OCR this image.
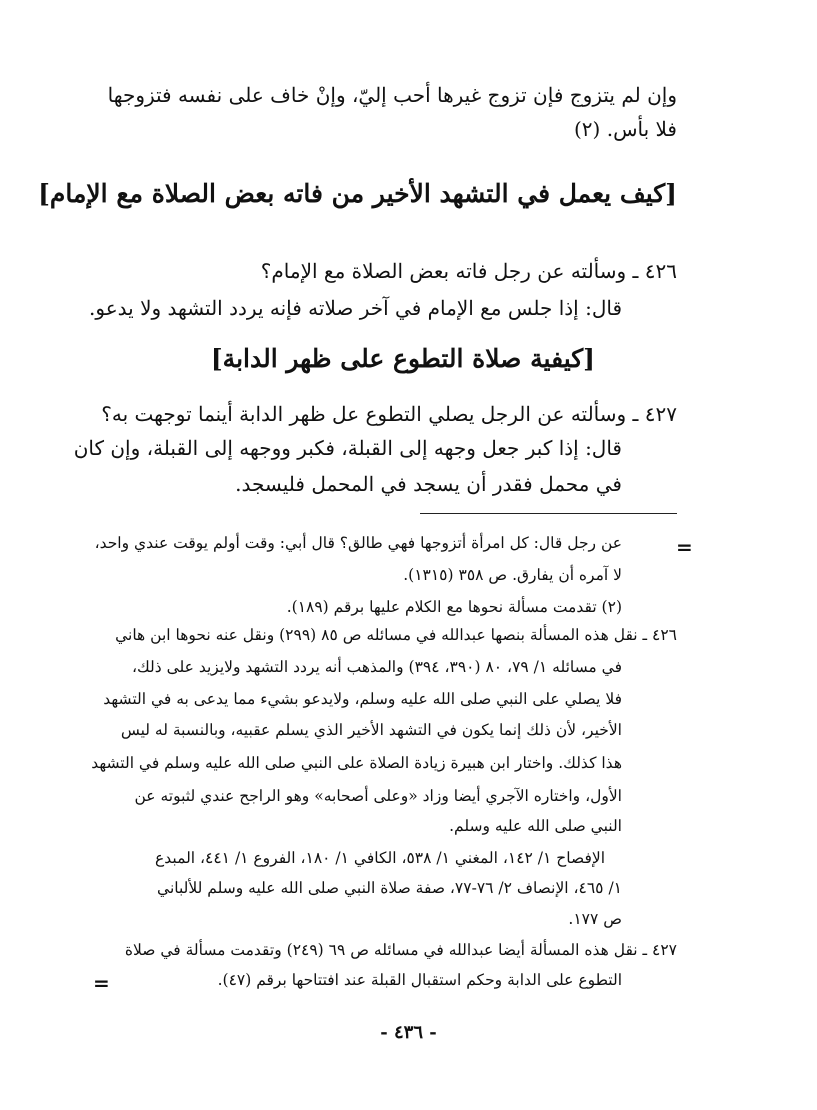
وإن لم يتزوج فإن تزوج غيرها أحب إليّ، وإنْ خاف على نفسه فتزوجها
فلا بأس. (٢)
[كيف يعمل في التشهد الأخير من فاته بعض الصلاة مع الإمام]
٤٢٦ ـ وسألته عن رجل فاته بعض الصلاة مع الإمام؟
قال: إذا جلس مع الإمام في آخر صلاته فإنه يردد التشهد ولا يدعو.
[كيفية صلاة التطوع على ظهر الدابة]
٤٢٧ ـ وسألته عن الرجل يصلي التطوع عل ظهر الدابة أينما توجهت به؟
قال: إذا كبر جعل وجهه إلى القبلة، فكبر ووجهه إلى القبلة، وإن كان
في محمل فقدر أن يسجد في المحمل فليسجد.
=
عن رجل قال: كل امرأة أتزوجها فهي طالق؟ قال أبي: وقت أولم يوقت عندي واحد،
لا آمره أن يفارق. ص ٣٥٨ (١٣١٥).
(٢) تقدمت مسألة نحوها مع الكلام عليها برقم (١٨٩).
٤٢٦ ـ نقل هذه المسألة بنصها عبدالله في مسائله ص ٨٥ (٢٩٩) ونقل عنه نحوها ابن هاني
في مسائله ١/ ٧٩، ٨٠ (٣٩٠، ٣٩٤) والمذهب أنه يردد التشهد ولايزيد على ذلك،
فلا يصلي على النبي صلى الله عليه وسلم، ولايدعو بشيء مما يدعى به في التشهد
الأخير، لأن ذلك إنما يكون في التشهد الأخير الذي يسلم عقبيه، وبالنسبة له ليس
هذا كذلك. واختار ابن هبيرة زيادة الصلاة على النبي صلى الله عليه وسلم في التشهد
الأول، واختاره الآجري أيضا وزاد «وعلى أصحابه» وهو الراجح عندي لثبوته عن
النبي صلى الله عليه وسلم.
الإفصاح ١/ ١٤٢، المغني ١/ ٥٣٨، الكافي ١/ ١٨٠، الفروع ١/ ٤٤١، المبدع
١/ ٤٦٥، الإنصاف ٢/ ٧٦-٧٧، صفة صلاة النبي صلى الله عليه وسلم للألباني
ص ١٧٧.
٤٢٧ ـ نقل هذه المسألة أيضا عبدالله في مسائله ص ٦٩ (٢٤٩) وتقدمت مسألة في صلاة
التطوع على الدابة وحكم استقبال القبلة عند افتتاحها برقم (٤٧).
=
- ٤٣٦ -
